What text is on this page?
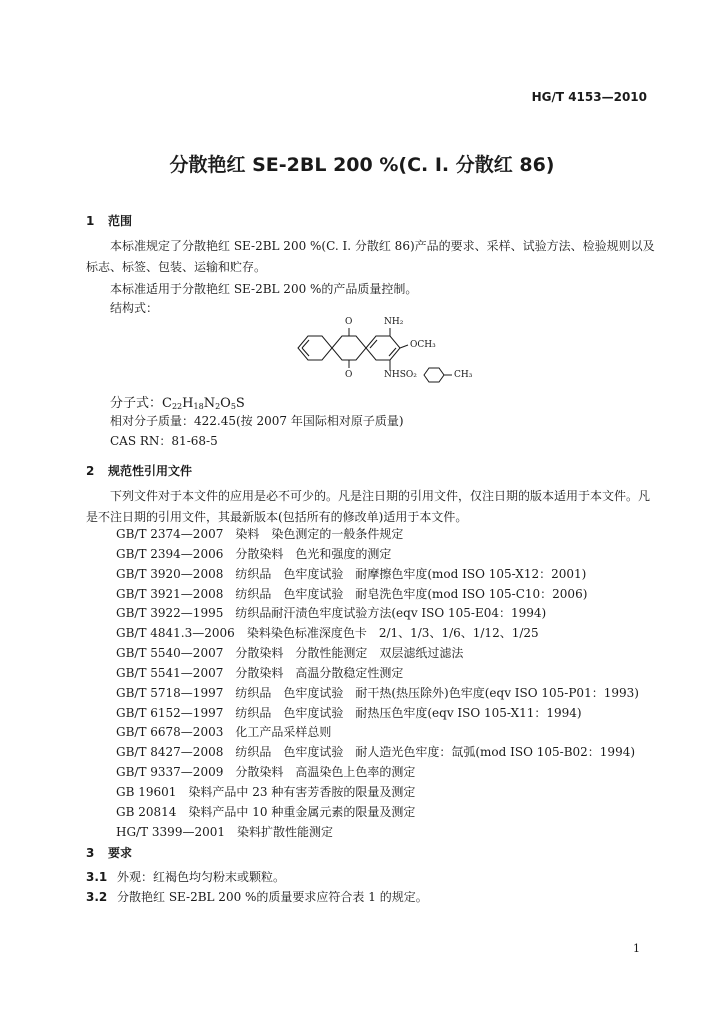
HG/T 4153—2010
分散艳红 SE-2BL 200 %(C. I. 分散红 86)
1 范围
本标准规定了分散艳红 SE-2BL 200 %(C. I. 分散红 86)产品的要求、采样、试验方法、检验规则以及标志、标签、包装、运输和贮存。
本标准适用于分散艳红 SE-2BL 200 %的产品质量控制。
结构式：
O	NH₂
OCH₃
O	NHSO₂	CH₃
分子式：$C_{22}H_{18}N_2O_5S$
相对分子质量：422.45(按 2007 年国际相对原子质量)
CAS RN：81-68-5
2 规范性引用文件
下列文件对于本文件的应用是必不可少的。凡是注日期的引用文件，仅注日期的版本适用于本文件。凡是不注日期的引用文件，其最新版本(包括所有的修改单)适用于本文件。
GB/T 2374—2007　 染料　染色测定的一般条件规定
GB/T 2394—2006　 分散染料　色光和强度的测定
GB/T 3920—2008　 纺织品　色牢度试验　耐摩擦色牢度(mod ISO 105-X12：2001)
GB/T 3921—2008　 纺织品　色牢度试验　耐皂洗色牢度(mod ISO 105-C10：2006)
GB/T 3922—1995　 纺织品耐汗渍色牢度试验方法(eqv ISO 105-E04：1994)
GB/T 4841.3—2006　 染料染色标准深度色卡　2/1、1/3、1/6、1/12、1/25
GB/T 5540—2007　 分散染料　分散性能测定　双层滤纸过滤法
GB/T 5541—2007　 分散染料　高温分散稳定性测定
GB/T 5718—1997　 纺织品　色牢度试验　耐干热(热压除外)色牢度(eqv ISO 105-P01：1993)
GB/T 6152—1997　 纺织品　色牢度试验　耐热压色牢度(eqv ISO 105-X11：1994)
GB/T 6678—2003　 化工产品采样总则
GB/T 8427—2008　 纺织品　色牢度试验　耐人造光色牢度：氙弧(mod ISO 105-B02：1994)
GB/T 9337—2009　 分散染料　高温染色上色率的测定
GB 19601　 染料产品中 23 种有害芳香胺的限量及测定
GB 20814　 染料产品中 10 种重金属元素的限量及测定
HG/T 3399—2001　 染料扩散性能测定
3 要求
3.1 外观：红褐色均匀粉末或颗粒。
3.2 分散艳红 SE-2BL 200 %的质量要求应符合表 1 的规定。
1
